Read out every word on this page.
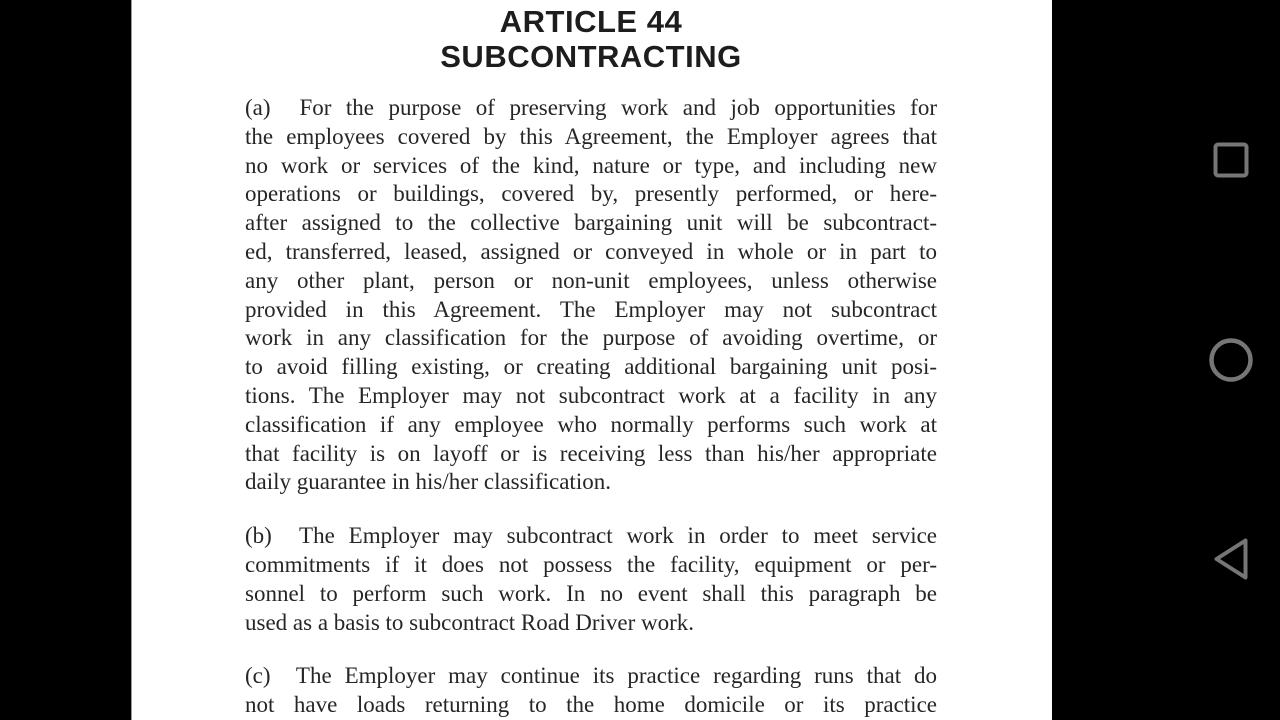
ARTICLE 44
SUBCONTRACTING
(a)  For the purpose of preserving work and job opportunities for
the employees covered by this Agreement, the Employer agrees that
no work or services of the kind, nature or type, and including new
operations or buildings, covered by, presently performed, or here-
after assigned to the collective bargaining unit will be subcontract-
ed, transferred, leased, assigned or conveyed in whole or in part to
any other plant, person or non-unit employees, unless otherwise
provided in this Agreement. The Employer may not subcontract
work in any classification for the purpose of avoiding overtime, or
to avoid filling existing, or creating additional bargaining unit posi-
tions. The Employer may not subcontract work at a facility in any
classification if any employee who normally performs such work at
that facility is on layoff or is receiving less than his/her appropriate
daily guarantee in his/her classification.
(b)  The Employer may subcontract work in order to meet service
commitments if it does not possess the facility, equipment or per-
sonnel to perform such work. In no event shall this paragraph be
used as a basis to subcontract Road Driver work.
(c)  The Employer may continue its practice regarding runs that do
not have loads returning to the home domicile or its practice
